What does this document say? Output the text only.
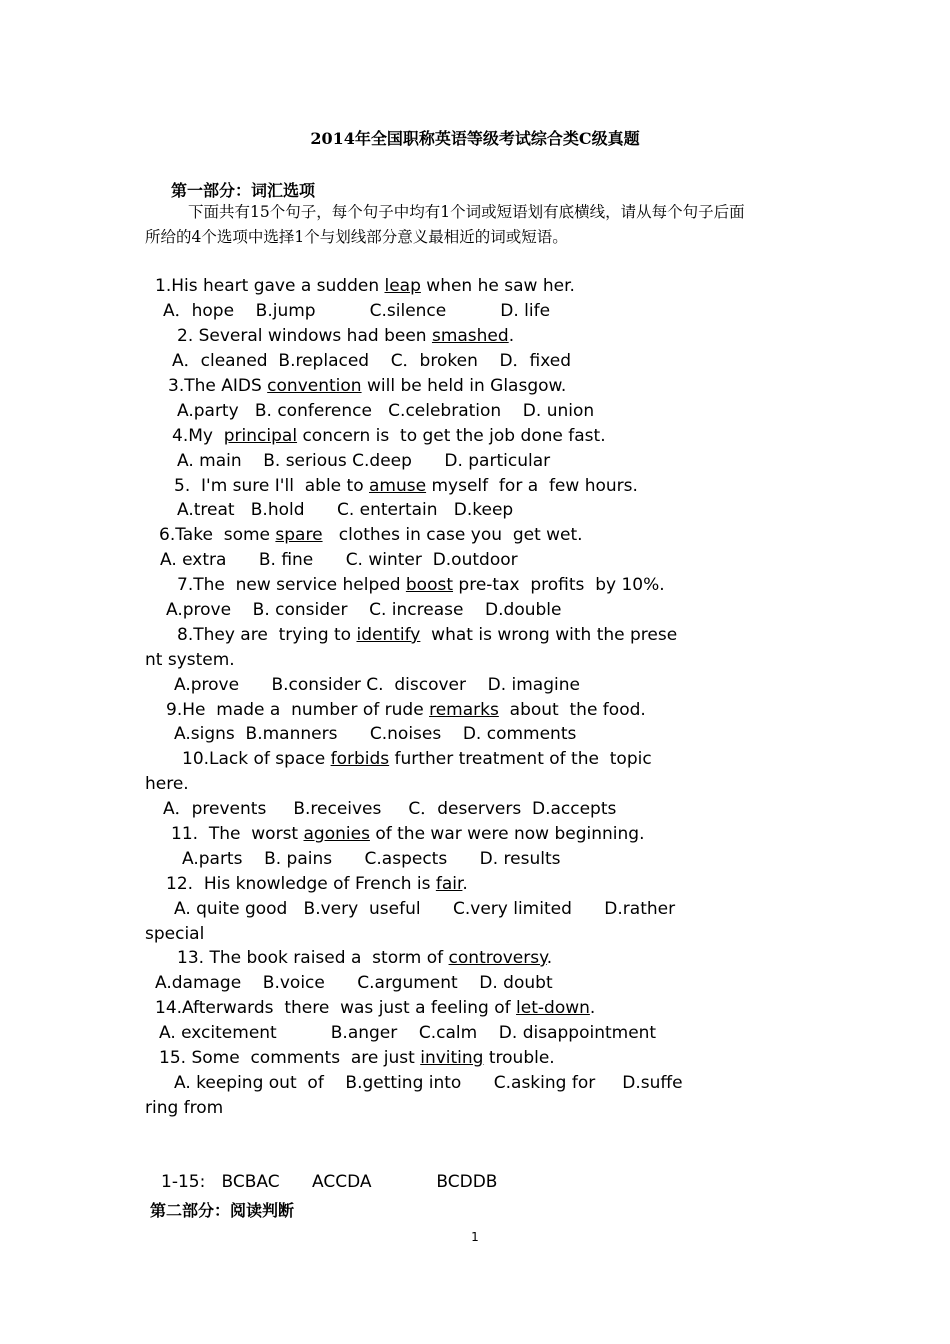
2014年全国职称英语等级考试综合类C级真题
第一部分：词汇选项
下面共有15个句子，每个句子中均有1个词或短语划有底横线，请从每个句子后面
所给的4个选项中选择1个与划线部分意义最相近的词或短语。
1.His heart gave a sudden leap when he saw her.
A．hope    B.jump          C.silence          D. life
2. Several windows had been smashed.
A．cleaned  B.replaced    C．broken    D．fixed
3.The AIDS convention will be held in Glasgow.
A.party   B. conference   C.celebration    D. union
4.My  principal concern is  to get the job done fast.
A. main    B. serious C.deep      D. particular
5.  I'm sure I'll  able to amuse myself  for a  few hours.
A.treat   B.hold      C. entertain   D.keep
6.Take  some spare   clothes in case you  get wet.
A. extra      B. fine      C. winter  D.outdoor
7.The  new service helped boost pre-tax  profits  by 10%.
A.prove    B. consider    C. increase    D.double
8.They are  trying to identify  what is wrong with the prese
nt system.
A.prove      B.consider C.  discover    D. imagine
9.He  made a  number of rude remarks  about  the food.
A.signs  B.manners      C.noises    D. comments
10.Lack of space forbids further treatment of the  topic
here.
A．prevents     B.receives     C．deservers  D.accepts
11.  The  worst agonies of the war were now beginning.
A.parts    B. pains      C.aspects      D. results
12.  His knowledge of French is fair.
A. quite good   B.very  useful      C.very limited      D.rather
special
13. The book raised a  storm of controversy.
A.damage    B.voice      C.argument    D. doubt
14.Afterwards  there  was just a feeling of let-down.
A. excitement          B.anger    C.calm    D. disappointment
15. Some  comments  are just inviting trouble.
A. keeping out  of    B.getting into      C.asking for     D.suffe
ring from
1-15:   BCBAC      ACCDA            BCDDB
第二部分：阅读判断
1
